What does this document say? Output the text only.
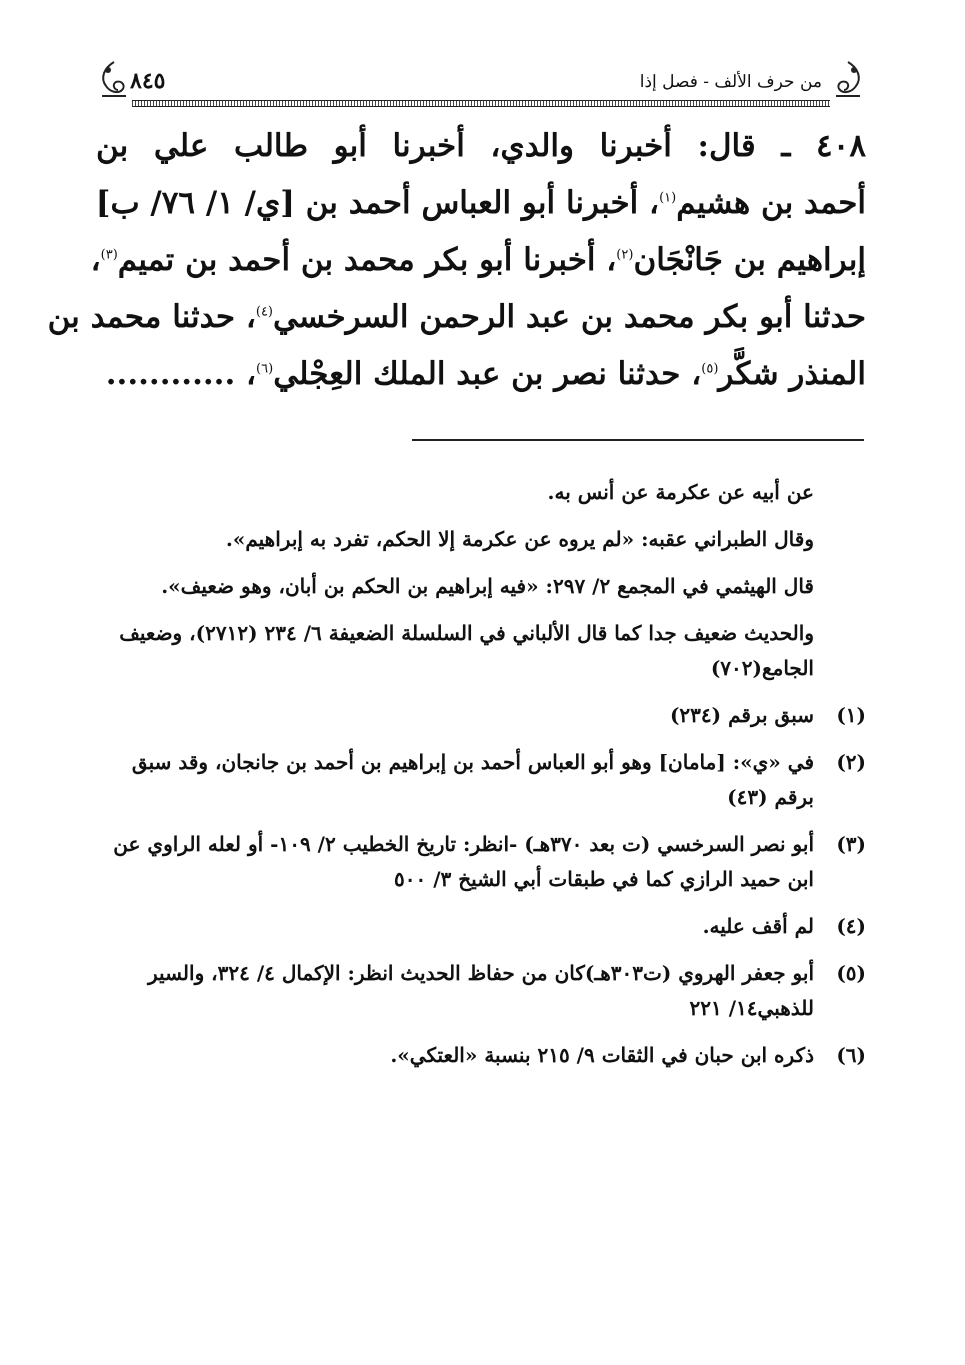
من حرف الألف - فصل إذا
٨٤٥
٤٠٨ ـ قال: أخبرنا والدي، أخبرنا أبو طالب علي بن
أحمد بن هشيم$^{(١)}$، أخبرنا أبو العباس أحمد بن [ي/ ١/ ٧٦/ ب]
إبراهيم بن جَانْجَان$^{(٢)}$، أخبرنا أبو بكر محمد بن أحمد بن تميم$^{(٣)}$،
حدثنا أبو بكر محمد بن عبد الرحمن السرخسي$^{(٤)}$، حدثنا محمد بن
المنذر شكَّر$^{(٥)}$، حدثنا نصر بن عبد الملك العِجْلي$^{(٦)}$، ............

عن أبيه عن عكرمة عن أنس به.

وقال الطبراني عقبه: «لم يروه عن عكرمة إلا الحكم، تفرد به إبراهيم».

قال الهيثمي في المجمع ٢/ ٢٩٧: «فيه إبراهيم بن الحكم بن أبان، وهو ضعيف».

والحديث ضعيف جدا كما قال الألباني في السلسلة الضعيفة ٦/ ٢٣٤ (٢٧١٢)، وضعيف الجامع(٧٠٢)

(١)
سبق برقم (٢٣٤)
(٢)
في «ي»: [مامان] وهو أبو العباس أحمد بن إبراهيم بن أحمد بن جانجان، وقد سبق برقم (٤٣)
(٣)
أبو نصر السرخسي (ت بعد ٣٧٠هـ) -انظر: تاريخ الخطيب ٢/ ١٠٩- أو لعله الراوي عن ابن حميد الرازي كما في طبقات أبي الشيخ ٣/ ٥٠٠
(٤)
لم أقف عليه.
(٥)
أبو جعفر الهروي (ت٣٠٣هـ)كان من حفاظ الحديث انظر: الإكمال ٤/ ٣٢٤، والسير للذهبي١٤/ ٢٢١
(٦)
ذكره ابن حبان في الثقات ٩/ ٢١٥ بنسبة «العتكي».
